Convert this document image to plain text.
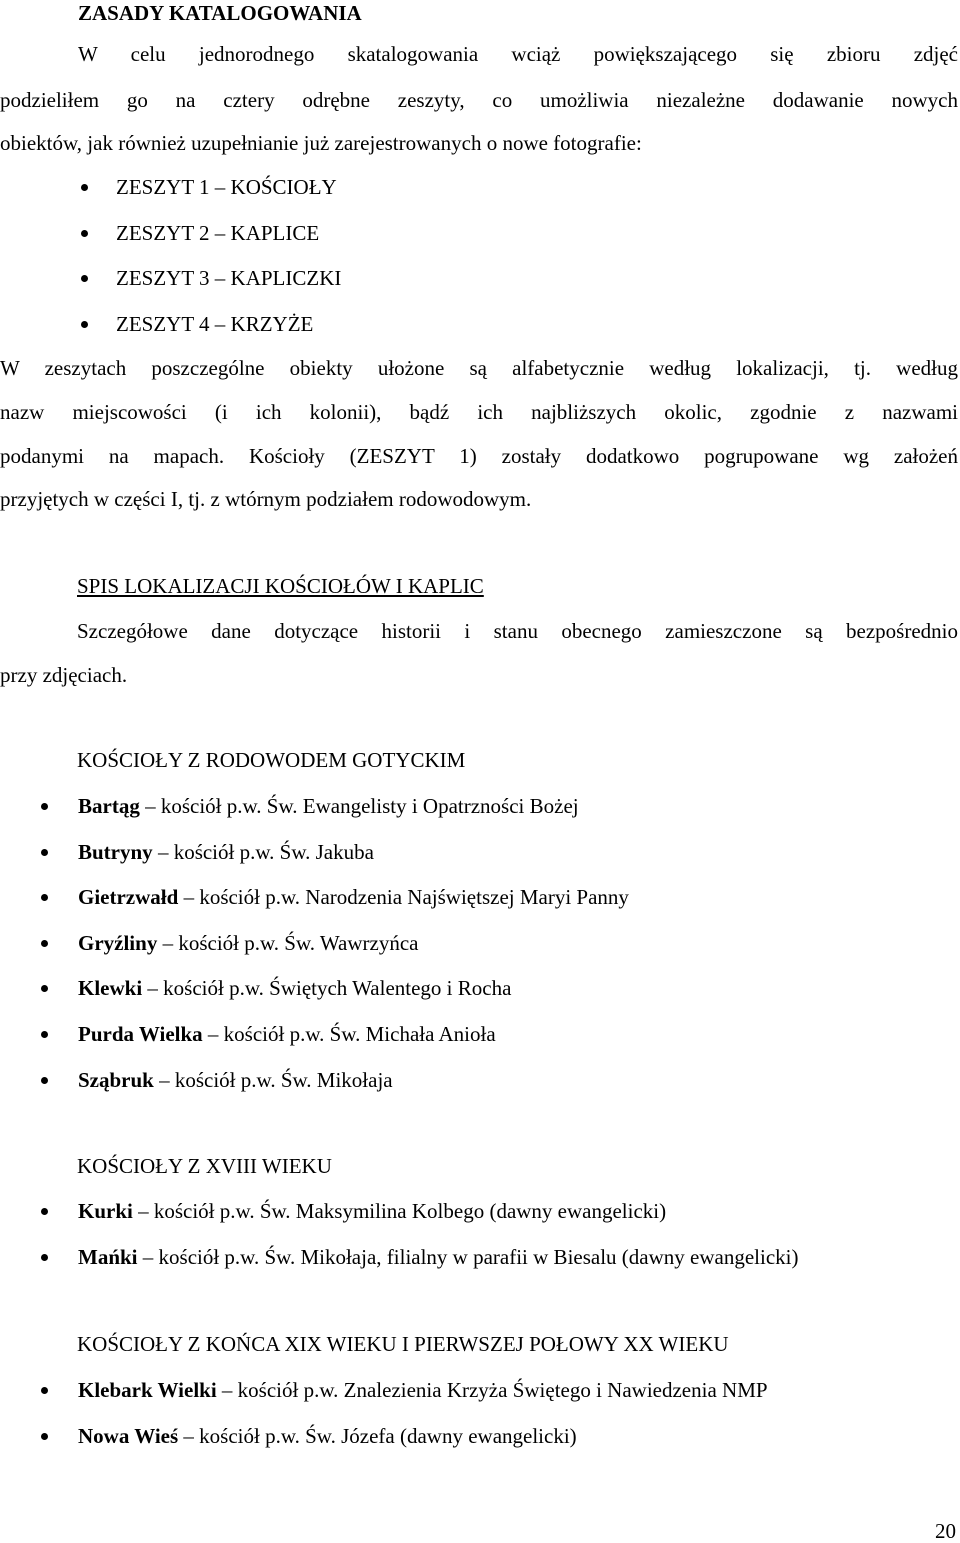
ZASADY KATALOGOWANIA
W celu jednorodnego skatalogowania wciąż powiększającego się zbioru zdjęć
podzieliłem go na cztery odrębne zeszyty, co umożliwia niezależne dodawanie nowych
obiektów, jak również uzupełnianie już zarejestrowanych o nowe fotografie:
ZESZYT 1 – KOŚCIOŁY
ZESZYT 2 – KAPLICE
ZESZYT 3 – KAPLICZKI
ZESZYT 4 – KRZYŻE
W zeszytach poszczególne obiekty ułożone są alfabetycznie według lokalizacji, tj. według
nazw miejscowości (i ich kolonii), bądź ich najbliższych okolic, zgodnie z nazwami
podanymi na mapach. Kościoły (ZESZYT 1) zostały dodatkowo pogrupowane wg założeń
przyjętych w części I, tj. z wtórnym podziałem rodowodowym.
SPIS LOKALIZACJI KOŚCIOŁÓW I KAPLIC
Szczegółowe dane dotyczące historii i stanu obecnego zamieszczone są bezpośrednio
przy zdjęciach.
KOŚCIOŁY Z RODOWODEM GOTYCKIM
Bartąg – kościół p.w. Św. Ewangelisty i Opatrzności Bożej
Butryny – kościół p.w. Św. Jakuba
Gietrzwałd – kościół p.w. Narodzenia Najświętszej Maryi Panny
Gryźliny – kościół p.w. Św. Wawrzyńca
Klewki – kościół p.w. Świętych Walentego i Rocha
Purda Wielka – kościół p.w. Św. Michała Anioła
Sząbruk – kościół p.w. Św. Mikołaja
KOŚCIOŁY Z XVIII WIEKU
Kurki – kościół p.w. Św. Maksymilina Kolbego (dawny ewangelicki)
Mańki – kościół p.w. Św. Mikołaja, filialny w parafii w Biesalu (dawny ewangelicki)
KOŚCIOŁY Z KOŃCA XIX WIEKU I PIERWSZEJ POŁOWY XX WIEKU
Klebark Wielki – kościół p.w. Znalezienia Krzyża Świętego i Nawiedzenia NMP
Nowa Wieś – kościół p.w. Św. Józefa (dawny ewangelicki)
20
